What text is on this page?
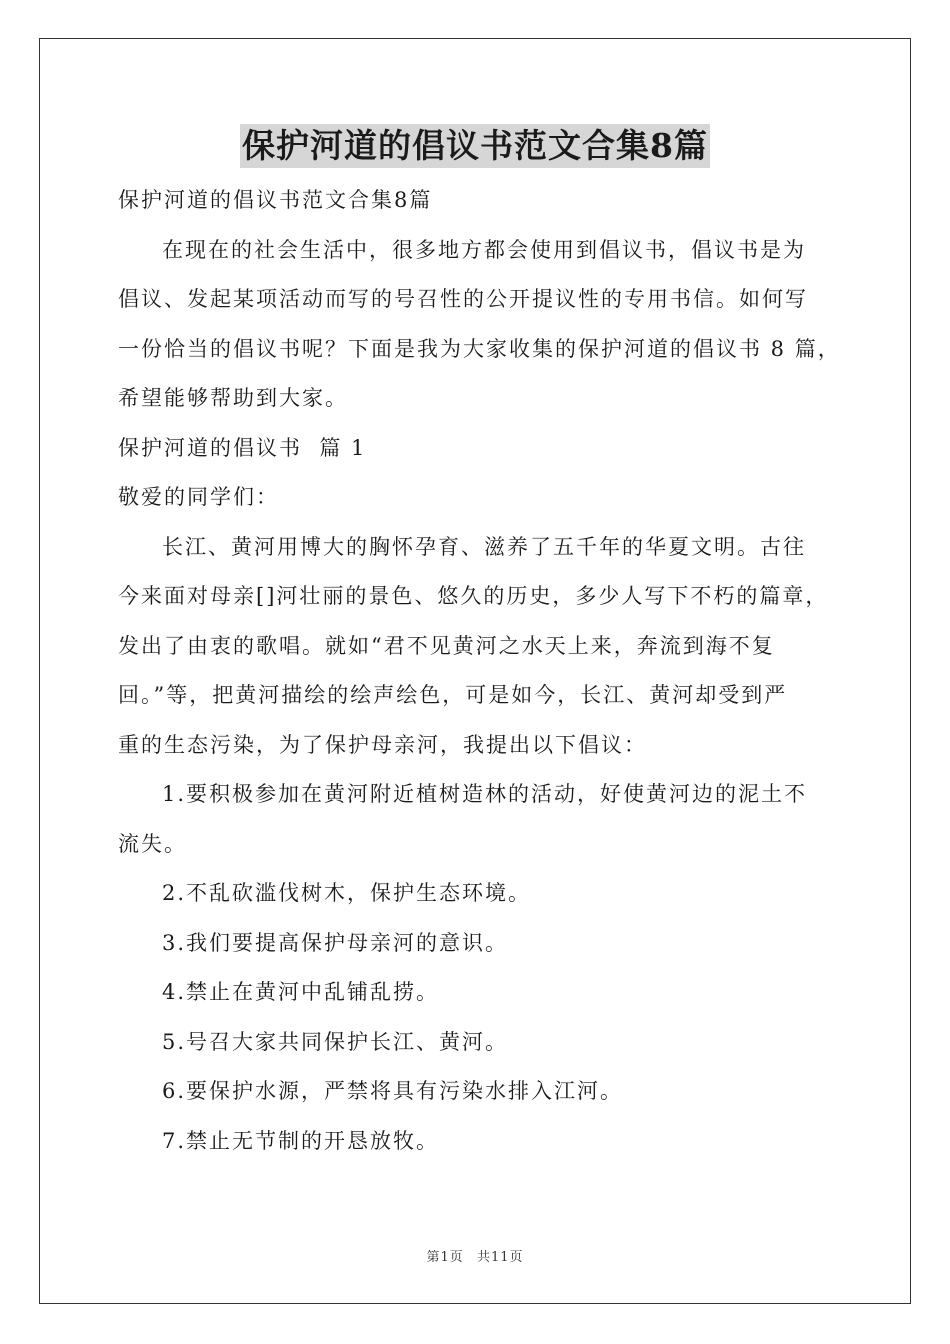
保护河道的倡议书范文合集8篇

保护河道的倡议书范文合集8篇

在现在的社会生活中，很多地方都会使用到倡议书，倡议书是为

倡议、发起某项活动而写的号召性的公开提议性的专用书信。如何写

一份恰当的倡议书呢？下面是我为大家收集的保护河道的倡议书 8 篇，

希望能够帮助到大家。

保护河道的倡议书  篇 1

敬爱的同学们：

长江、黄河用博大的胸怀孕育、滋养了五千年的华夏文明。古往

今来面对母亲[]河壮丽的景色、悠久的历史，多少人写下不朽的篇章，

发出了由衷的歌唱。就如“君不见黄河之水天上来，奔流到海不复

回。”等，把黄河描绘的绘声绘色，可是如今，长江、黄河却受到严

重的生态污染，为了保护母亲河，我提出以下倡议：

1.要积极参加在黄河附近植树造林的活动，好使黄河边的泥土不

流失。

2.不乱砍滥伐树木，保护生态环境。

3.我们要提高保护母亲河的意识。

4.禁止在黄河中乱铺乱捞。

5.号召大家共同保护长江、黄河。

6.要保护水源，严禁将具有污染水排入江河。

7.禁止无节制的开恳放牧。

第1页 共11页
